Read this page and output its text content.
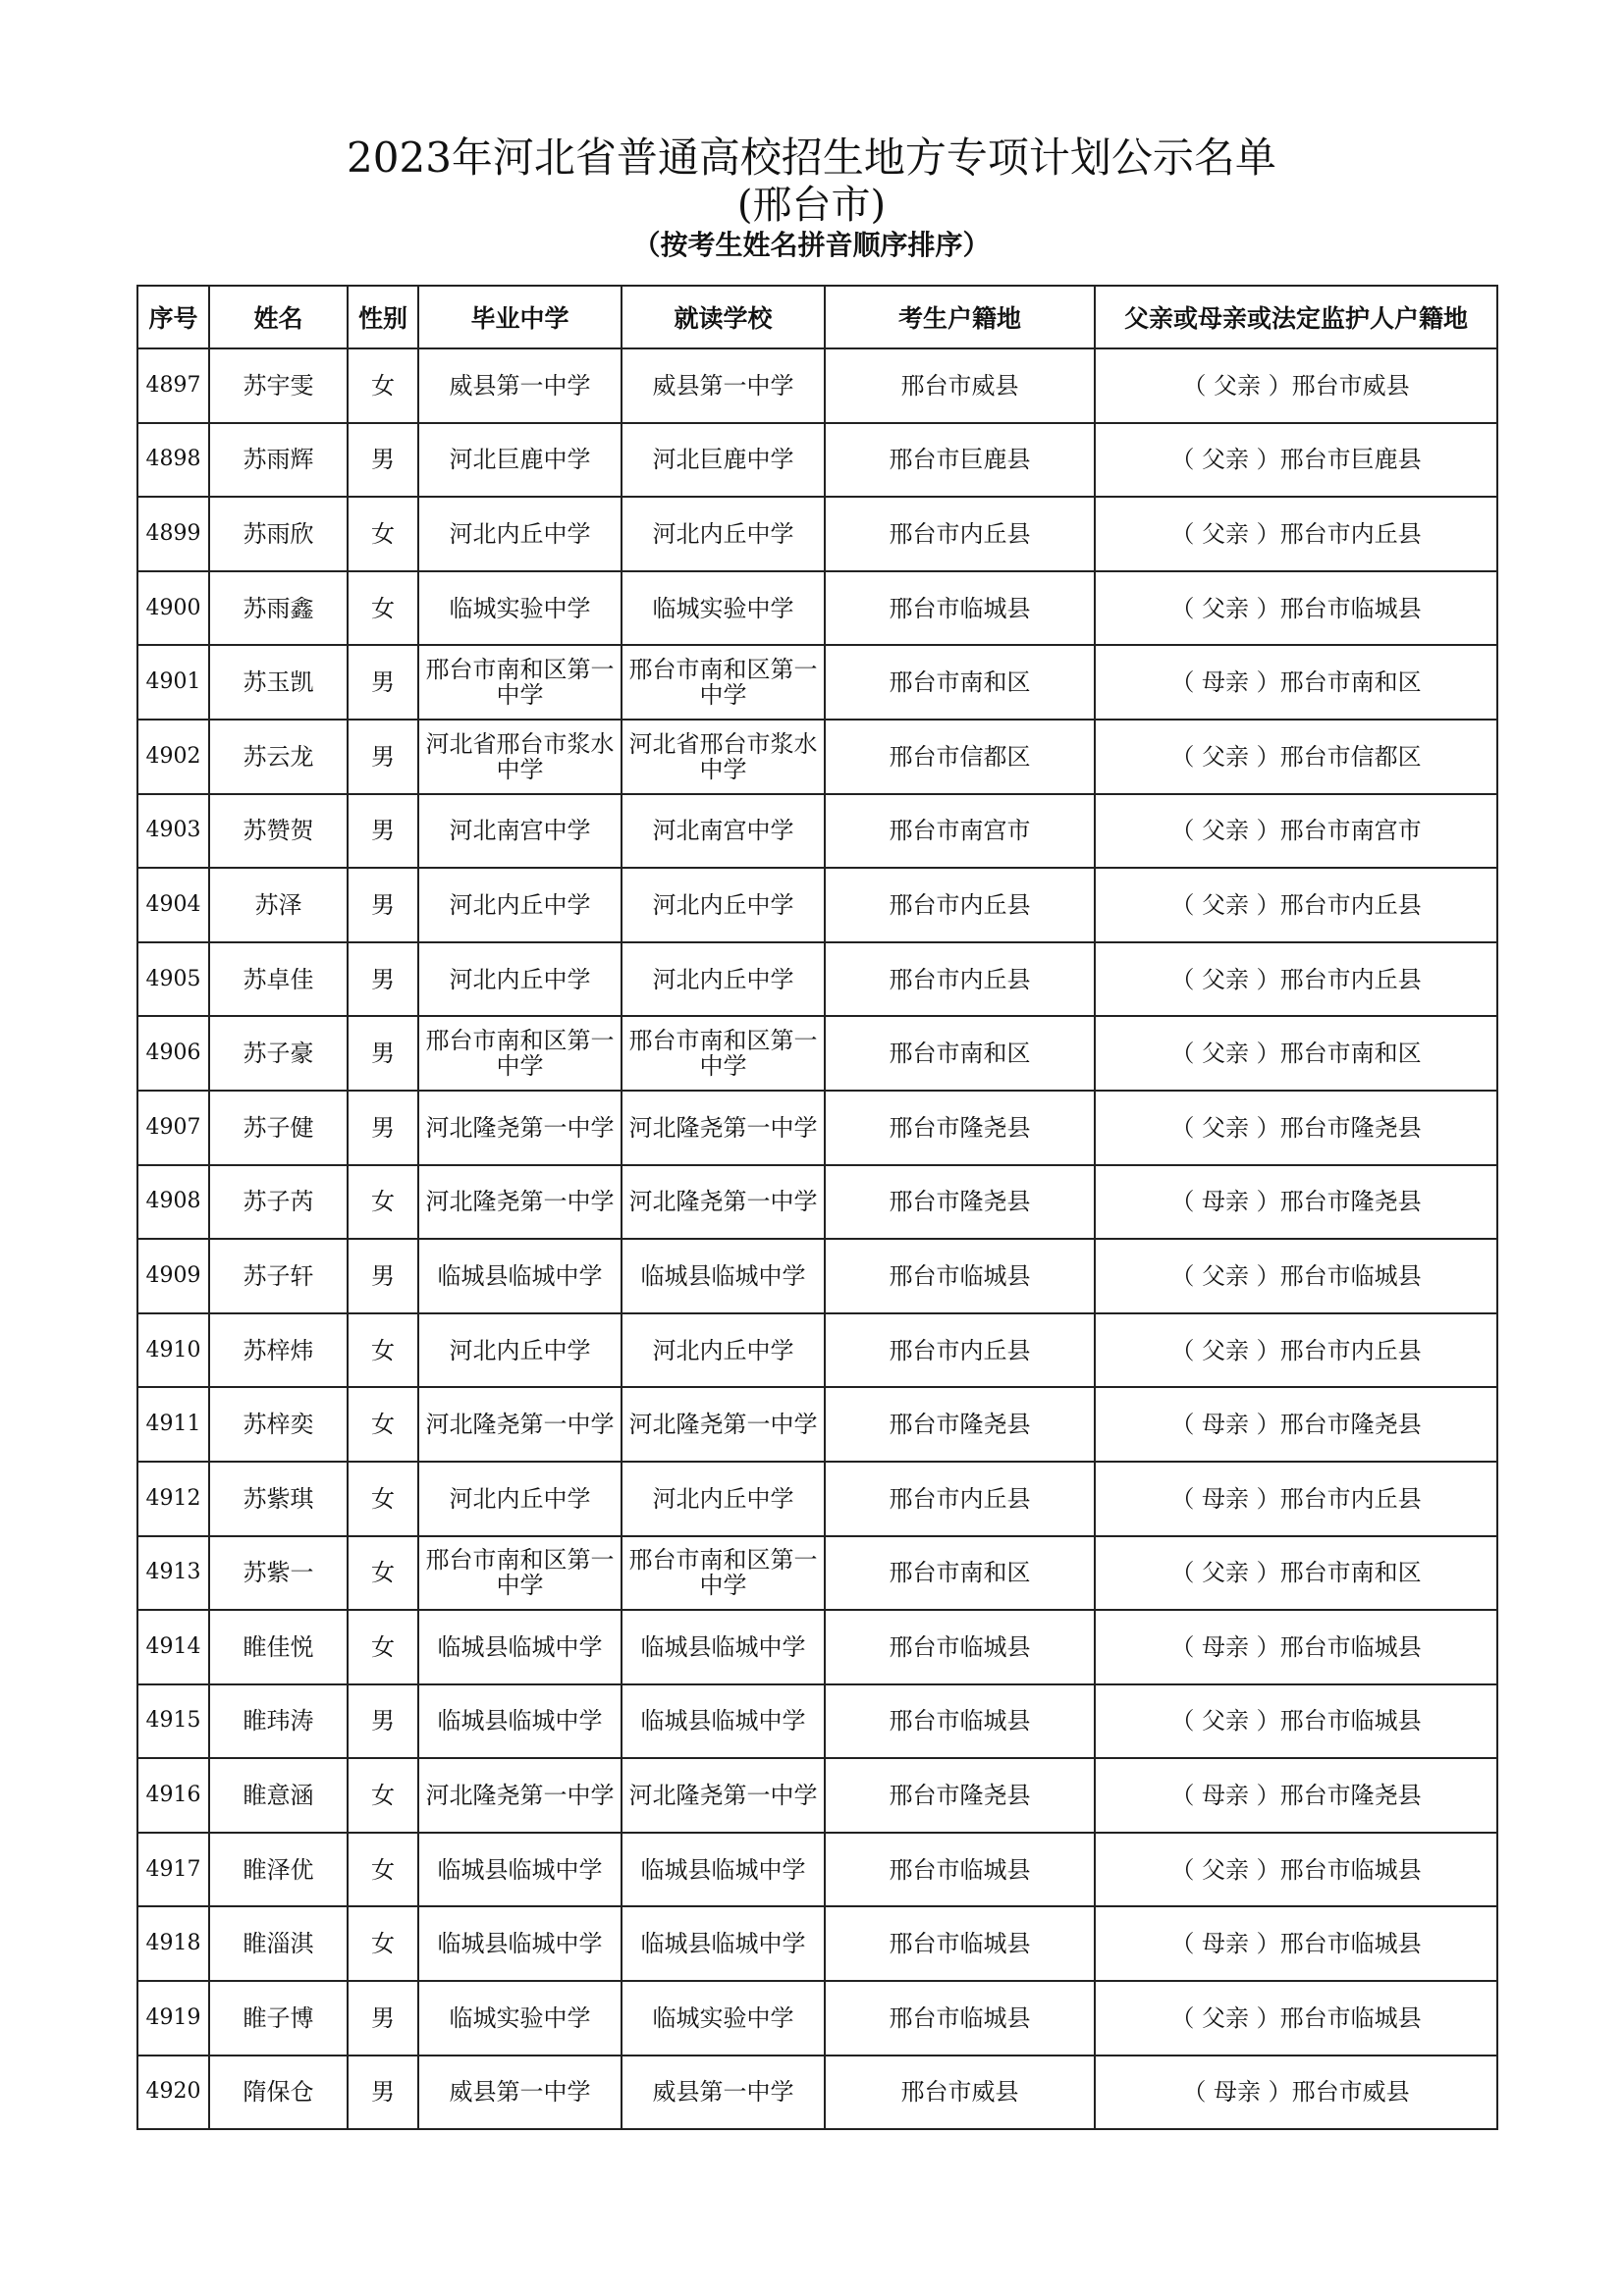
2023年河北省普通高校招生地方专项计划公示名单
(邢台市)
（按考生姓名拼音顺序排序）
序号	姓名	性别	毕业中学	就读学校	考生户籍地	父亲或母亲或法定监护人户籍地
4897	苏宇雯	女	威县第一中学	威县第一中学	邢台市威县	（ 父亲 ）邢台市威县
4898	苏雨辉	男	河北巨鹿中学	河北巨鹿中学	邢台市巨鹿县	（ 父亲 ）邢台市巨鹿县
4899	苏雨欣	女	河北内丘中学	河北内丘中学	邢台市内丘县	（ 父亲 ）邢台市内丘县
4900	苏雨鑫	女	临城实验中学	临城实验中学	邢台市临城县	（ 父亲 ）邢台市临城县
4901	苏玉凯	男	邢台市南和区第一中学	邢台市南和区第一中学	邢台市南和区	（ 母亲 ）邢台市南和区
4902	苏云龙	男	河北省邢台市浆水中学	河北省邢台市浆水中学	邢台市信都区	（ 父亲 ）邢台市信都区
4903	苏赞贺	男	河北南宫中学	河北南宫中学	邢台市南宫市	（ 父亲 ）邢台市南宫市
4904	苏泽	男	河北内丘中学	河北内丘中学	邢台市内丘县	（ 父亲 ）邢台市内丘县
4905	苏卓佳	男	河北内丘中学	河北内丘中学	邢台市内丘县	（ 父亲 ）邢台市内丘县
4906	苏子豪	男	邢台市南和区第一中学	邢台市南和区第一中学	邢台市南和区	（ 父亲 ）邢台市南和区
4907	苏子健	男	河北隆尧第一中学	河北隆尧第一中学	邢台市隆尧县	（ 父亲 ）邢台市隆尧县
4908	苏子芮	女	河北隆尧第一中学	河北隆尧第一中学	邢台市隆尧县	（ 母亲 ）邢台市隆尧县
4909	苏子轩	男	临城县临城中学	临城县临城中学	邢台市临城县	（ 父亲 ）邢台市临城县
4910	苏梓炜	女	河北内丘中学	河北内丘中学	邢台市内丘县	（ 父亲 ）邢台市内丘县
4911	苏梓奕	女	河北隆尧第一中学	河北隆尧第一中学	邢台市隆尧县	（ 母亲 ）邢台市隆尧县
4912	苏紫琪	女	河北内丘中学	河北内丘中学	邢台市内丘县	（ 母亲 ）邢台市内丘县
4913	苏紫一	女	邢台市南和区第一中学	邢台市南和区第一中学	邢台市南和区	（ 父亲 ）邢台市南和区
4914	睢佳悦	女	临城县临城中学	临城县临城中学	邢台市临城县	（ 母亲 ）邢台市临城县
4915	睢玮涛	男	临城县临城中学	临城县临城中学	邢台市临城县	（ 父亲 ）邢台市临城县
4916	睢意涵	女	河北隆尧第一中学	河北隆尧第一中学	邢台市隆尧县	（ 母亲 ）邢台市隆尧县
4917	睢泽优	女	临城县临城中学	临城县临城中学	邢台市临城县	（ 父亲 ）邢台市临城县
4918	睢淄淇	女	临城县临城中学	临城县临城中学	邢台市临城县	（ 母亲 ）邢台市临城县
4919	睢子博	男	临城实验中学	临城实验中学	邢台市临城县	（ 父亲 ）邢台市临城县
4920	隋保仓	男	威县第一中学	威县第一中学	邢台市威县	（ 母亲 ）邢台市威县
